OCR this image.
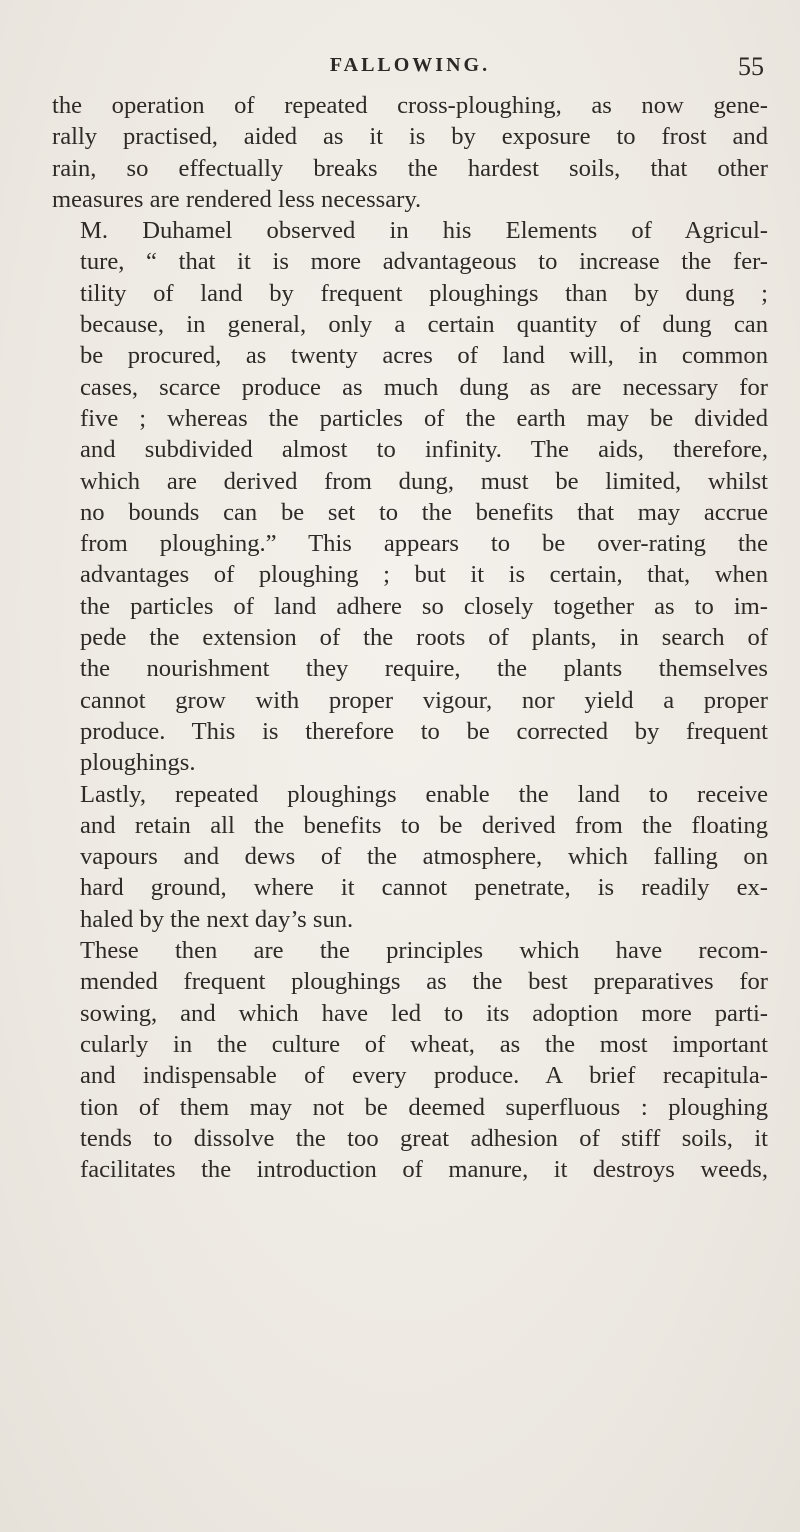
FALLOWING.	55

the operation of repeated cross-ploughing, as now gene-
rally practised, aided as it is by exposure to frost and
rain, so effectually breaks the hardest soils, that other
measures are rendered less necessary.

M. Duhamel observed in his Elements of Agricul-
ture, “ that it is more advantageous to increase the fer-
tility of land by frequent ploughings than by dung ;
because, in general, only a certain quantity of dung can
be procured, as twenty acres of land will, in common
cases, scarce produce as much dung as are necessary for
five ; whereas the particles of the earth may be divided
and subdivided almost to infinity. The aids, therefore,
which are derived from dung, must be limited, whilst
no bounds can be set to the benefits that may accrue
from ploughing.” This appears to be over-rating the
advantages of ploughing ; but it is certain, that, when
the particles of land adhere so closely together as to im-
pede the extension of the roots of plants, in search of
the nourishment they require, the plants themselves
cannot grow with proper vigour, nor yield a proper
produce. This is therefore to be corrected by frequent
ploughings.

Lastly, repeated ploughings enable the land to receive
and retain all the benefits to be derived from the floating
vapours and dews of the atmosphere, which falling on
hard ground, where it cannot penetrate, is readily ex-
haled by the next day’s sun.

These then are the principles which have recom-
mended frequent ploughings as the best preparatives for
sowing, and which have led to its adoption more parti-
cularly in the culture of wheat, as the most important
and indispensable of every produce. A brief recapitula-
tion of them may not be deemed superfluous : ploughing
tends to dissolve the too great adhesion of stiff soils, it
facilitates the introduction of manure, it destroys weeds,
